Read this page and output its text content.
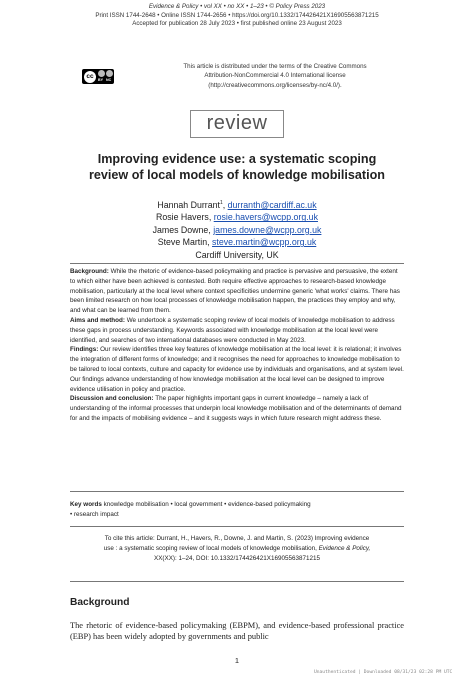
Evidence & Policy • vol XX • no XX • 1–23 • © Policy Press 2023
Print ISSN 1744-2648 • Online ISSN 1744-2656 • https://doi.org/10.1332/174426421X16905563871215
Accepted for publication 28 July 2023 • first published online 23 August 2023
cc
BY NC
This article is distributed under the terms of the Creative Commons
Attribution-NonCommercial 4.0 International license
(http://creativecommons.org/licenses/by-nc/4.0/).
review
Improving evidence use: a systematic scoping
review of local models of knowledge mobilisation
Hannah Durrant$^1$, durranth@cardiff.ac.uk
Rosie Havers, rosie.havers@wcpp.org.uk
James Downe, james.downe@wcpp.org.uk
Steve Martin, steve.martin@wcpp.org.uk
Cardiff University, UK

Background: While the rhetoric of evidence-based policymaking and practice is pervasive and persuasive, the extent to which either have been achieved is contested. Both require effective approaches to research-based knowledge mobilisation, particularly at the local level where context specificities undermine generic 'what works' claims. There has been limited research on how local processes of knowledge mobilisation happen, the practices they employ and why, and what can be learned from them.

Aims and method: We undertook a systematic scoping review of local models of knowledge mobilisation to address these gaps in process understanding. Keywords associated with knowledge mobilisation at the local level were identified, and searches of two international databases were conducted in May 2023.

Findings: Our review identifies three key features of knowledge mobilisation at the local level: it is relational; it involves the integration of different forms of knowledge; and it recognises the need for approaches to knowledge mobilisation to be tailored to local contexts, culture and capacity for evidence use by individuals and organisations, and at system level. Our findings advance understanding of how knowledge mobilisation at the local level can be designed to improve evidence utilisation in policy and practice.

Discussion and conclusion: The paper highlights important gaps in current knowledge – namely a lack of understanding of the informal processes that underpin local knowledge mobilisation and of the determinants of demand for and the impacts of mobilising evidence – and it suggests ways in which future research might address these.

Key words knowledge mobilisation • local government • evidence-based policymaking
• research impact
To cite this article: Durrant, H., Havers, R., Downe, J. and Martin, S. (2023) Improving evidence
use : a systematic scoping review of local models of knowledge mobilisation, Evidence & Policy,
XX(XX): 1–24, DOI: 10.1332/174426421X16905563871215
Background
The rhetoric of evidence-based policymaking (EBPM), and evidence-based professional practice (EBP) has been widely adopted by governments and public
1
Unauthenticated | Downloaded 08/31/23 02:28 PM UTC
